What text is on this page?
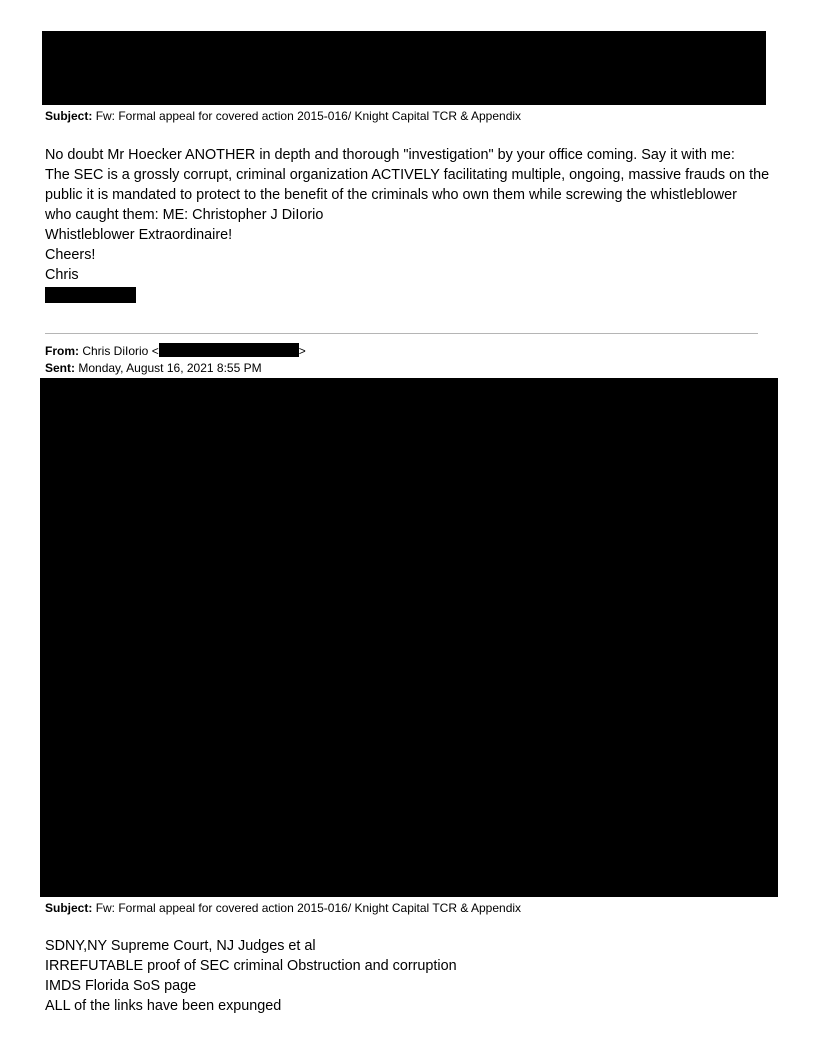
Subject: Fw: Formal appeal for covered action 2015-016/ Knight Capital TCR & Appendix
No doubt Mr Hoecker ANOTHER in depth and thorough "investigation" by your office coming. Say it with me:
The SEC is a grossly corrupt, criminal organization ACTIVELY facilitating multiple, ongoing, massive frauds on the
public it is mandated to protect to the benefit of the criminals who own them while screwing the whistleblower
who caught them: ME: Christopher J DiIorio
Whistleblower Extraordinaire!
Cheers!
Chris
From: Chris DiIorio <	>
Sent: Monday, August 16, 2021 8:55 PM
Subject: Fw: Formal appeal for covered action 2015-016/ Knight Capital TCR & Appendix
SDNY,NY Supreme Court, NJ Judges et al
IRREFUTABLE proof of SEC criminal Obstruction and corruption
IMDS Florida SoS page
ALL of the links have been expunged
